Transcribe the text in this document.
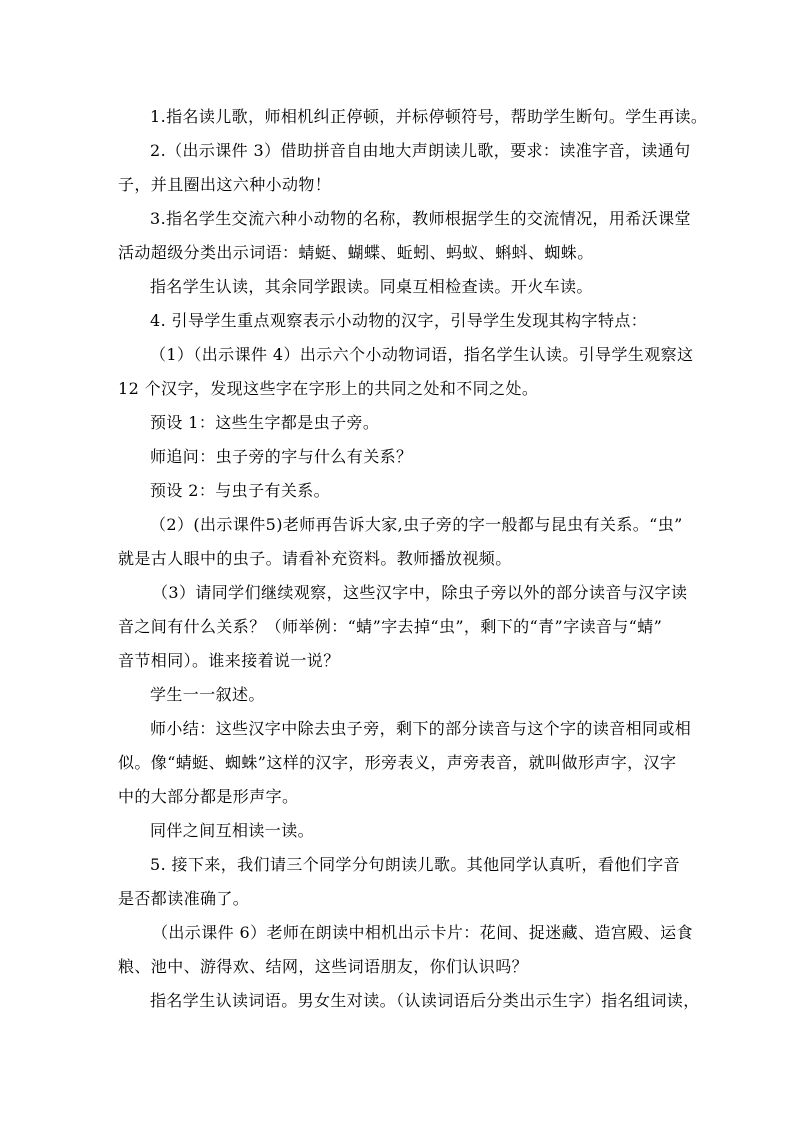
1.指名读儿歌，师相机纠正停顿，并标停顿符号，帮助学生断句。学生再读。
2.（出示课件 3）借助拼音自由地大声朗读儿歌，要求：读准字音，读通句
子，并且圈出这六种小动物！
3.指名学生交流六种小动物的名称，教师根据学生的交流情况，用希沃课堂
活动超级分类出示词语：蜻蜓、蝴蝶、蚯蚓、蚂蚁、蝌蚪、蜘蛛。
指名学生认读，其余同学跟读。同桌互相检查读。开火车读。
4. 引导学生重点观察表示小动物的汉字，引导学生发现其构字特点：
（1）（出示课件 4）出示六个小动物词语，指名学生认读。引导学生观察这
12 个汉字，发现这些字在字形上的共同之处和不同之处。
预设 1：这些生字都是虫子旁。
师追问：虫子旁的字与什么有关系？
预设 2：与虫子有关系。
（2）(出示课件5)老师再告诉大家,虫子旁的字一般都与昆虫有关系。“虫”
就是古人眼中的虫子。请看补充资料。教师播放视频。
（3）请同学们继续观察，这些汉字中，除虫子旁以外的部分读音与汉字读
音之间有什么关系？（师举例：“蜻”字去掉“虫”，剩下的“青”字读音与“蜻”
音节相同）。谁来接着说一说？
学生一一叙述。
师小结：这些汉字中除去虫子旁，剩下的部分读音与这个字的读音相同或相
似。像“蜻蜓、蜘蛛”这样的汉字，形旁表义，声旁表音，就叫做形声字，汉字
中的大部分都是形声字。
同伴之间互相读一读。
5. 接下来，我们请三个同学分句朗读儿歌。其他同学认真听，看他们字音
是否都读准确了。
（出示课件 6）老师在朗读中相机出示卡片：花间、捉迷藏、造宫殿、运食
粮、池中、游得欢、结网，这些词语朋友，你们认识吗？
指名学生认读词语。男女生对读。（认读词语后分类出示生字）指名组词读，
